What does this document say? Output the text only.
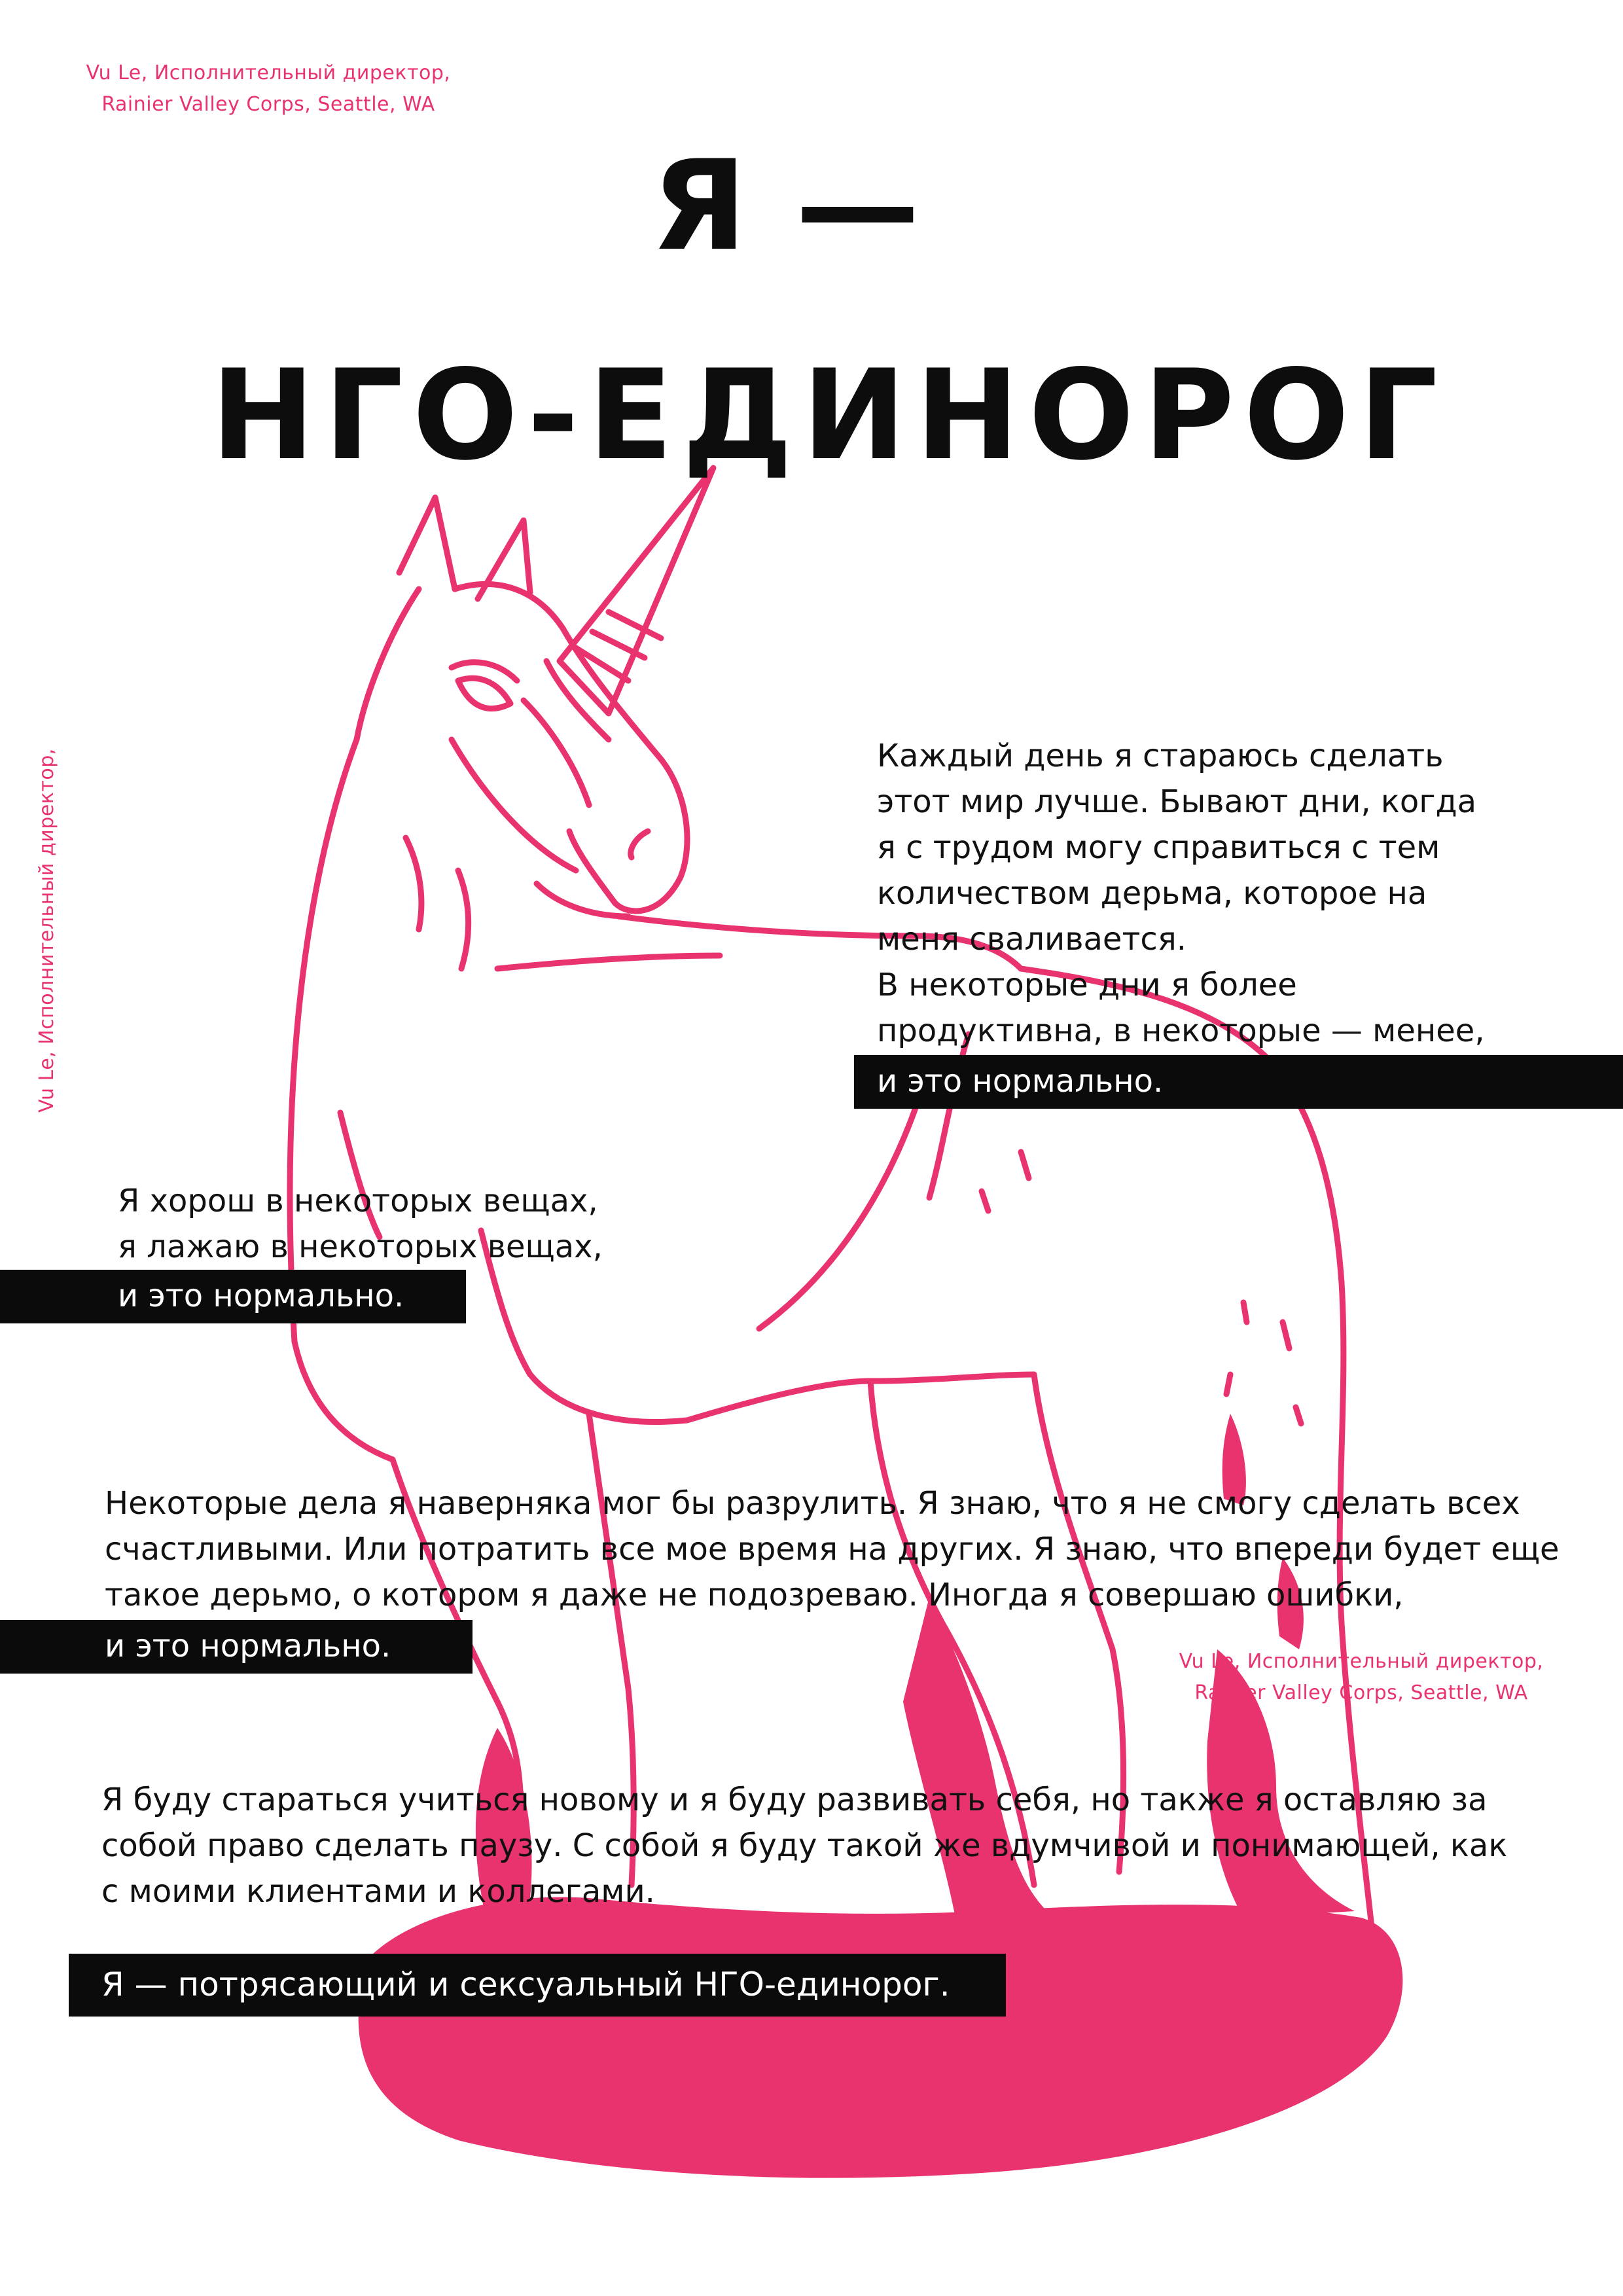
Vu Le, Исполнительный директор,
Rainier Valley Corps, Seattle, WA
Vu Le, Исполнительный директор,
Vu Le, Исполнительный директор,
Rainier Valley Corps, Seattle, WA
Я —
НГО-ЕДИНОРОГ
Каждый день я стараюсь сделать
этот мир лучше. Бывают дни, когда
я с трудом могу справиться с тем
количеством дерьма, которое на
меня сваливается.
В некоторые дни я более
продуктивна, в некоторые — менее,
и это нормально.
Я хорош в некоторых вещах,
я лажаю в некоторых вещах,
и это нормально.
Некоторые дела я наверняка мог бы разрулить. Я знаю, что я не смогу сделать всех
счастливыми. Или потратить все мое время на других. Я знаю, что впереди будет еще
такое дерьмо, о котором я даже не подозреваю. Иногда я совершаю ошибки,
и это нормально.
Я буду стараться учиться новому и я буду развивать себя, но также я оставляю за
собой право сделать паузу. С собой я буду такой же вдумчивой и понимающей, как
с моими клиентами и коллегами.
Я — потрясающий и сексуальный НГО-единорог.
